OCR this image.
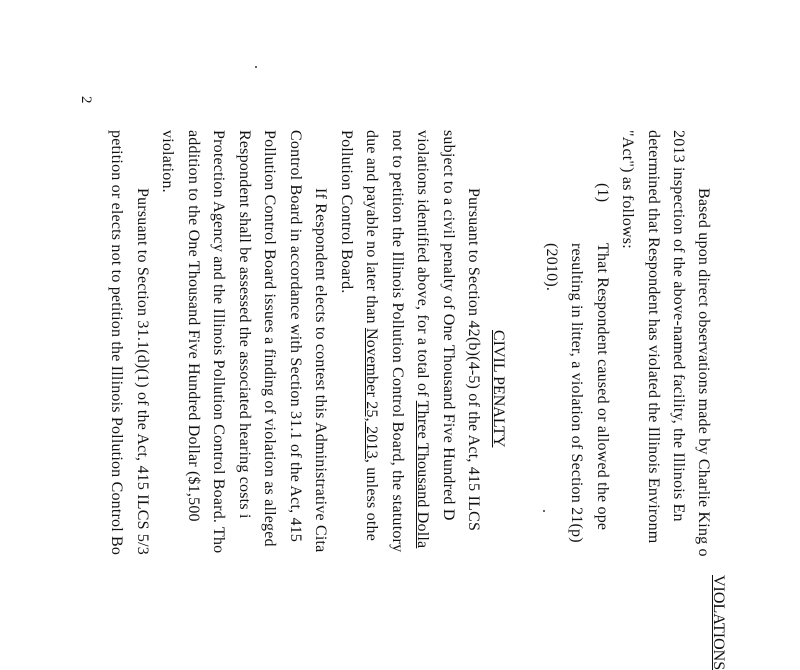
VIOLATIONS
Based upon direct observations made by Charlie King o
2013 inspection of the above-named facility, the Illinois En
determined that Respondent has violated the Illinois Environm
"Act") as follows:
(1)
That Respondent caused or allowed the ope
resulting in litter, a violation of Section 21(p)
(2010).
CIVIL PENALTY
Pursuant to Section 42(b)(4-5) of the Act, 415 ILCS
subject to a civil penalty of One Thousand Five Hundred D
violations identified above, for a total of Three Thousand Dolla
not to petition the Illinois Pollution Control Board, the statutory
due and payable no later than November 25, 2013, unless othe
Pollution Control Board.
If Respondent elects to contest this Administrative Cita
Control Board in accordance with Section 31.1 of the Act, 415
Pollution Control Board issues a finding of violation as alleged
Respondent shall be assessed the associated hearing costs i
Protection Agency and the Illinois Pollution Control Board. Tho
addition to the One Thousand Five Hundred Dollar ($1,500
violation.
Pursuant to Section 31.1(d)(1) of the Act, 415 ILCS 5/3
petition or elects not to petition the Illinois Pollution Control Bo
2
